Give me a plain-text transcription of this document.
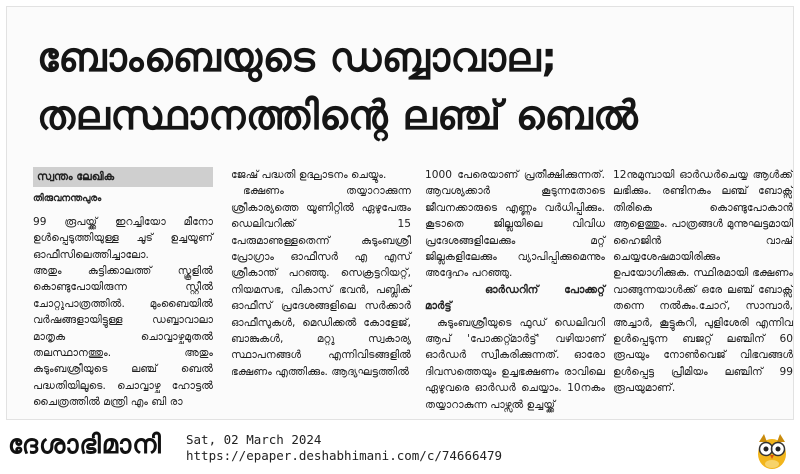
ബോംബെയുടെ ഡബ്ബാവാല;
തലസ്ഥാനത്തിന്റെ ലഞ്ച് ബെൽ
സ്വന്തം ലേഖിക
തിരുവനന്തപുരം

99 രൂപയ്ക്ക് ഇറച്ചിയോ മീനോ ഉൾപ്പെടുത്തിയുള്ള ചൂട് ഉച്ചയൂണ് ഓഫീസിലെത്തിച്ചാലോ.

അതും കുട്ടിക്കാലത്ത് സ്കൂളിൽ കൊണ്ടുപോയിരുന്ന സ്റ്റീൽ ചോറ്റുപാത്രത്തിൽ. മുംബൈയിൽ വർഷങ്ങളായിട്ടുള്ള ഡബ്ബാവാലാ മാതൃക ചൊവ്വാഴ്ചമുതൽ തലസ്ഥാനത്തും. അതും കുടുംബശ്രീയുടെ ലഞ്ച് ബെൽ പദ്ധതിയിലൂടെ. ചൊവ്വാഴ്ച ഹോട്ടൽ ചൈത്രത്തിൽ മന്ത്രി എം ബി രാ

ജേഷ് പദ്ധതി ഉദ്ഘാടനം ചെയ്യും.

ഭക്ഷണം തയ്യാറാക്കുന്ന ശ്രീകാര്യത്തെ യൂണിറ്റിൽ ഏഴുപേരും ഡെലിവറിക്ക് 15 പേരുമാണുള്ളതെന്ന് കുടുംബശ്രീ പ്രോഗ്രാം ഓഫീസർ എ എസ് ശ്രീകാന്ത് പറഞ്ഞു. സെക്രട്ടറിയറ്റ്, നിയമസഭ, വികാസ് ഭവൻ, പബ്ലിക് ഓഫീസ് പ്രദേശങ്ങളിലെ സർക്കാർ ഓഫീസുകൾ, മെഡിക്കൽ കോളേജ്, ബാങ്കുകൾ, മറ്റു സ്വകാര്യ സ്ഥാപനങ്ങൾ എന്നിവിടങ്ങളിൽ ഭക്ഷണം എത്തിക്കും. ആദ്യഘട്ടത്തിൽ

1000 പേരെയാണ് പ്രതീക്ഷിക്കുന്നത്. ആവശ്യക്കാർ കൂടുന്നതോടെ ജീവനക്കാരുടെ എണ്ണം വർധിപ്പിക്കും. കൂടാതെ ജില്ലയിലെ വിവിധ പ്രദേശങ്ങളിലേക്കും മറ്റ് ജില്ലകളിലേക്കും വ്യാപിപ്പിക്കുമെന്നും അദ്ദേഹം പറഞ്ഞു.

ഓർഡറിന് പോക്കറ്റ് മാർട്ട്

കുടുംബശ്രീയുടെ ഫുഡ് ഡെലിവറി ആപ് 'പോക്കറ്റ്മാർട്ട്' വഴിയാണ് ഓർഡർ സ്വീകരിക്കുന്നത്. ഓരോ ദിവസത്തെയും ഉച്ചഭക്ഷണം രാവിലെ ഏഴുവരെ ഓർഡർ ചെയ്യാം. 10നകം തയ്യാറാകുന്ന പാഴ്സൽ ഉച്ചയ്ക്ക്

12നുമുമ്പായി ഓർഡർചെയ്യ ആൾക്ക് ലഭിക്കും. രണ്ടിനകം ലഞ്ച് ബോക്സ് തിരികെ കൊണ്ടുപോകാൻ ആളെത്തും. പാത്രങ്ങൾ മുന്നുഘട്ടമായി ഹൈജിൻ വാഷ് ചെയ്യശേഷമായിരിക്കും ഉപയോഗിക്കുക. സ്ഥിരമായി ഭക്ഷണം വാങ്ങുന്നയാൾക്ക് ഒരേ ലഞ്ച് ബോക്സ് തന്നെ നൽകും.ചോറ്, സാമ്പാർ, അച്ചാർ, കൂട്ടുകറി, പുളിശേരി എന്നിവ ഉൾപ്പെടുന്ന ബജറ്റ് ലഞ്ചിന് 60 രൂപയും നോൺവെജ് വിഭവങ്ങൾ ഉൾപ്പെട്ട പ്രീമിയം ലഞ്ചിന് 99 രൂപയുമാണ്.

ദേശാഭിമാനി Sat, 02 March 2024
https://epaper.deshabhimani.com/c/74666479
